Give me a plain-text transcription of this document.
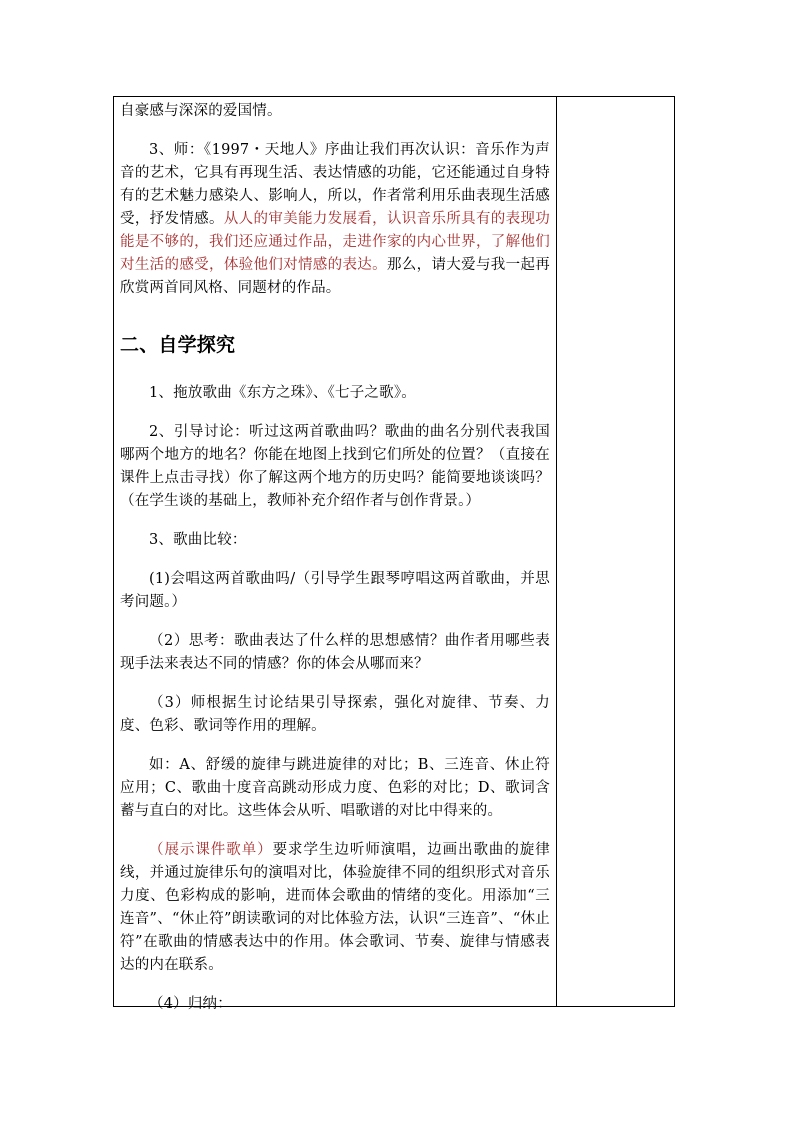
自豪感与深深的爱国情。

3、师：《1997・天地人》序曲让我们再次认识：音乐作为声音的艺术，它具有再现生活、表达情感的功能，它还能通过自身特有的艺术魅力感染人、影响人，所以，作者常利用乐曲表现生活感受，抒发情感。从人的审美能力发展看，认识音乐所具有的表现功能是不够的，我们还应通过作品，走进作家的内心世界，了解他们对生活的感受，体验他们对情感的表达。那么，请大爱与我一起再欣赏两首同风格、同题材的作品。

二、自学探究

1、拖放歌曲《东方之珠》、《七子之歌》。

2、引导讨论：听过这两首歌曲吗？歌曲的曲名分别代表我国哪两个地方的地名？你能在地图上找到它们所处的位置？（直接在课件上点击寻找）你了解这两个地方的历史吗？能简要地谈谈吗？（在学生谈的基础上，教师补充介绍作者与创作背景。）

3、歌曲比较：

(1)会唱这两首歌曲吗/（引导学生跟琴哼唱这两首歌曲，并思考问题。）

（2）思考：歌曲表达了什么样的思想感情？曲作者用哪些表现手法来表达不同的情感？你的体会从哪而来？

（3）师根据生讨论结果引导探索，强化对旋律、节奏、力度、色彩、歌词等作用的理解。

如：A、舒缓的旋律与跳进旋律的对比；B、三连音、休止符应用；C、歌曲十度音高跳动形成力度、色彩的对比；D、歌词含蓄与直白的对比。这些体会从听、唱歌谱的对比中得来的。

（展示课件歌单）要求学生边听师演唱，边画出歌曲的旋律线，并通过旋律乐句的演唱对比，体验旋律不同的组织形式对音乐力度、色彩构成的影响，进而体会歌曲的情绪的变化。用添加“三连音”、“休止符”朗读歌词的对比体验方法，认识“三连音”、“休止符”在歌曲的情感表达中的作用。体会歌词、节奏、旋律与情感表达的内在联系。

（4）归纳：
